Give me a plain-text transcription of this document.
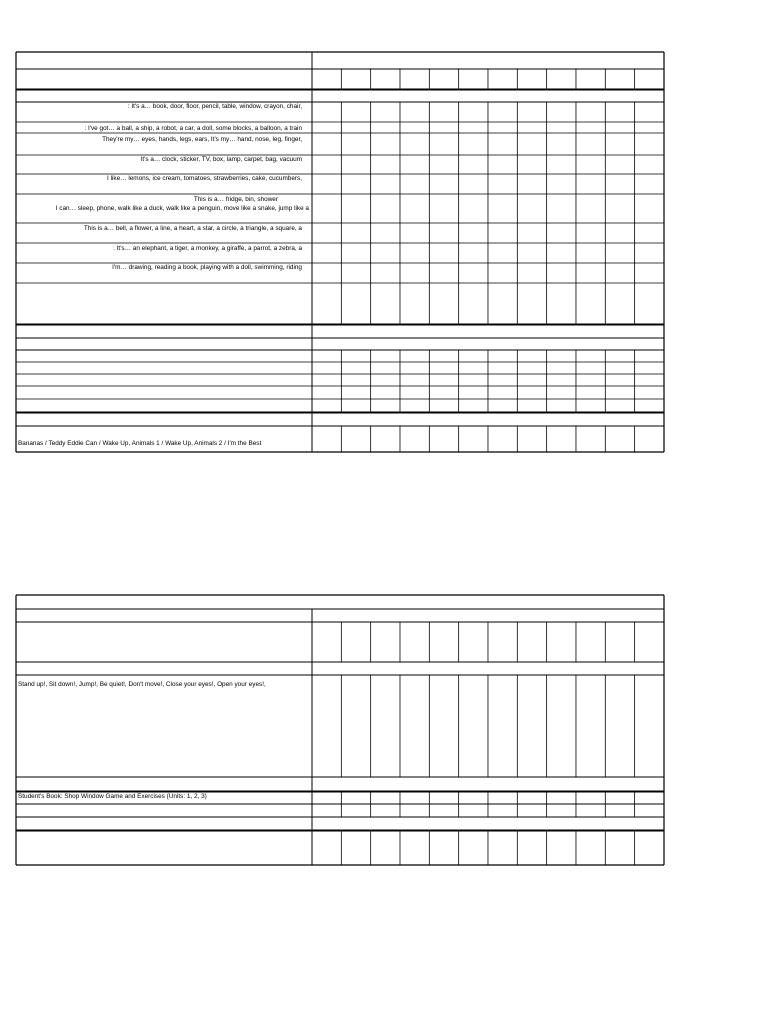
: It's a… book, door, floor, pencil, table, window, crayon, chair,
: I've got… a ball, a ship, a robot, a car, a doll, some blocks, a balloon, a train
They're my… eyes, hands, legs, ears, It's my… hand, nose, leg, finger,
It's a… clock, sticker, TV, box, lamp, carpet, bag, vacuum
I like… lemons, ice cream, tomatoes, strawberries, cake, cucumbers,
This is a… fridge, bin, shower
I can… sleep, phone, walk like a duck, walk like a penguin, move like a snake, jump like a
This is a… bell, a flower, a line, a heart, a star, a circle, a triangle, a square, a
: It's… an elephant, a tiger, a monkey, a giraffe, a parrot, a zebra, a
I'm… drawing, reading a book, playing with a doll, swimming, riding
Bananas / Teddy Eddie Can / Wake Up, Animals 1 / Wake Up, Animals 2 / I'm the Best
Stand up!, Sit down!, Jump!, Be quiet!, Don't move!, Close your eyes!, Open your eyes!,
Student's Book: Shop Window Game and Exercises (Units: 1, 2, 3)
